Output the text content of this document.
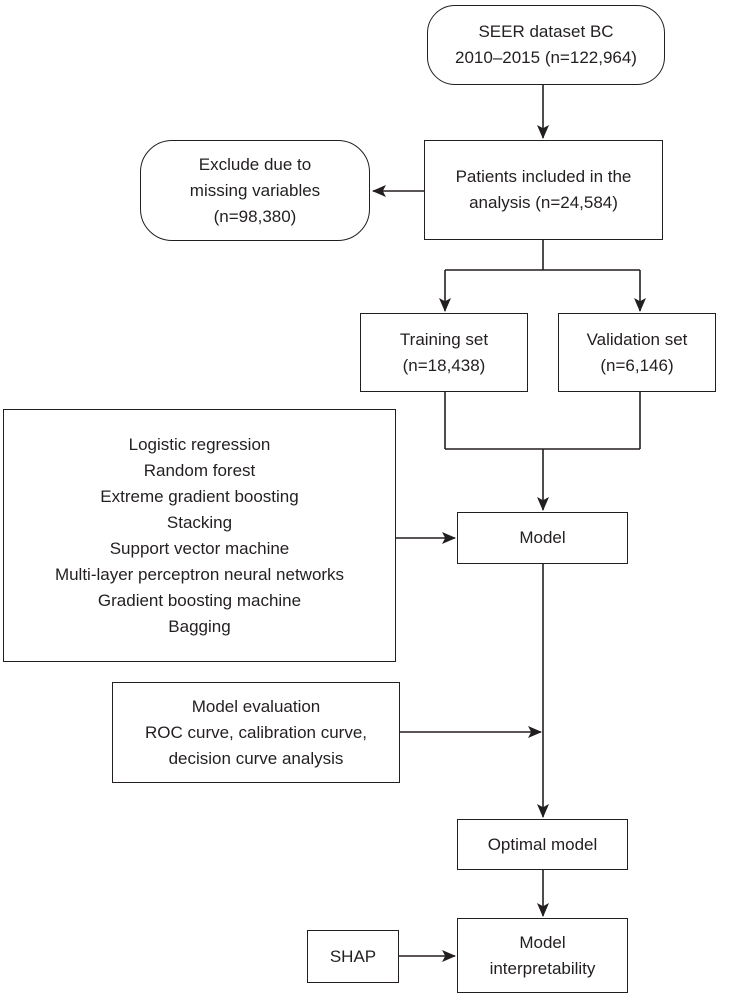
SEER dataset BC
2010–2015 (n=122,964)
Patients included in the
analysis (n=24,584)
Exclude due to
missing variables
(n=98,380)
Training set
(n=18,438)
Validation set
(n=6,146)
Logistic regression
Random forest
Extreme gradient boosting
Stacking
Support vector machine
Multi-layer perceptron neural networks
Gradient boosting machine
Bagging
Model
Model evaluation
ROC curve, calibration curve,
decision curve analysis
Optimal model
SHAP
Model
interpretability
